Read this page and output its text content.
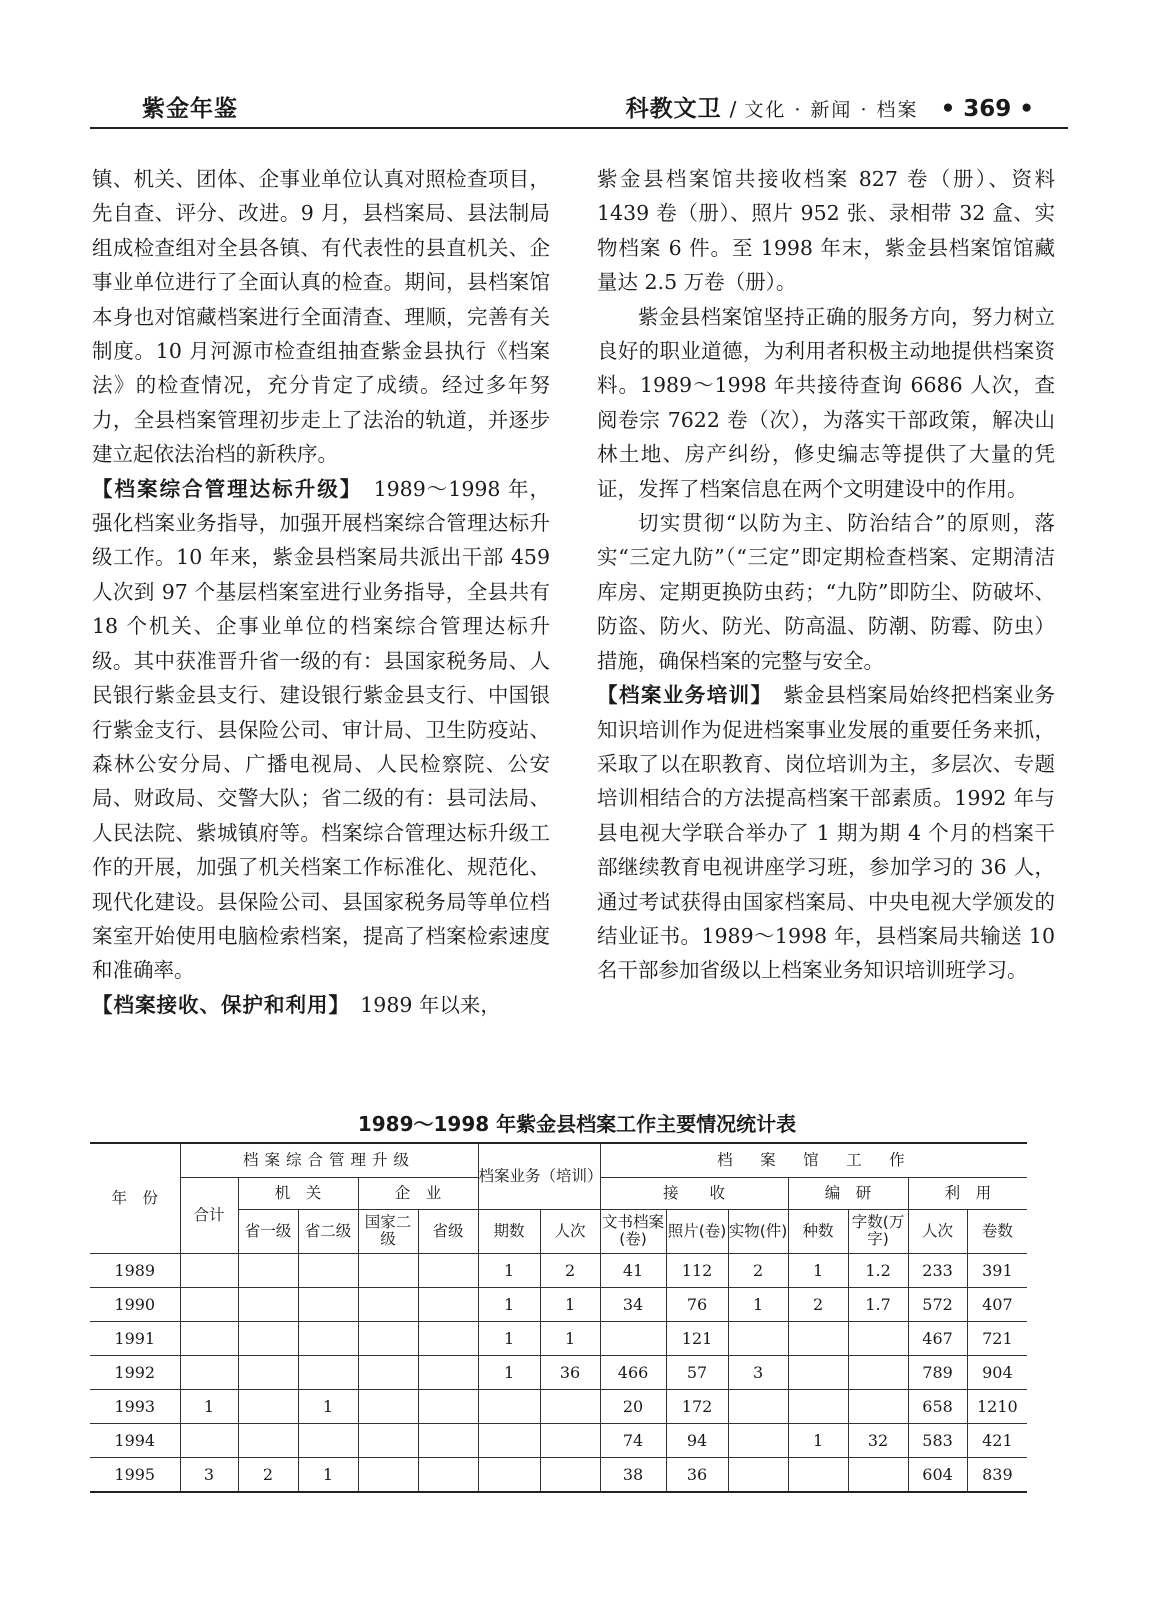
紫金年鉴	科教文卫 / 文化 · 新闻 · 档案 • 369 •

镇、机关、团体、企事业单位认真对照检查项目，先自查、评分、改进。9 月，县档案局、县法制局组成检查组对全县各镇、有代表性的县直机关、企事业单位进行了全面认真的检查。期间，县档案馆本身也对馆藏档案进行全面清查、理顺，完善有关制度。10 月河源市检查组抽查紫金县执行《档案法》的检查情况，充分肯定了成绩。经过多年努力，全县档案管理初步走上了法治的轨道，并逐步建立起依法治档的新秩序。

【档案综合管理达标升级】　 1989～1998 年，强化档案业务指导，加强开展档案综合管理达标升级工作。10 年来，紫金县档案局共派出干部 459 人次到 97 个基层档案室进行业务指导，全县共有 18 个机关、企事业单位的档案综合管理达标升级。其中获准晋升省一级的有：县国家税务局、人民银行紫金县支行、建设银行紫金县支行、中国银行紫金支行、县保险公司、审计局、卫生防疫站、森林公安分局、广播电视局、人民检察院、公安局、财政局、交警大队；省二级的有：县司法局、人民法院、紫城镇府等。档案综合管理达标升级工作的开展，加强了机关档案工作标准化、规范化、现代化建设。县保险公司、县国家税务局等单位档案室开始使用电脑检索档案，提高了档案检索速度和准确率。

【档案接收、保护和利用】　 1989 年以来，

紫金县档案馆共接收档案 827 卷（册）、资料 1439 卷（册）、照片 952 张、录相带 32 盒、实物档案 6 件。至 1998 年末，紫金县档案馆馆藏量达 2.5 万卷（册）。

紫金县档案馆坚持正确的服务方向，努力树立良好的职业道德，为利用者积极主动地提供档案资料。1989～1998 年共接待查询 6686 人次，查阅卷宗 7622 卷（次），为落实干部政策，解决山林土地、房产纠纷，修史编志等提供了大量的凭证，发挥了档案信息在两个文明建设中的作用。

切实贯彻“以防为主、防治结合”的原则，落实“三定九防”（“三定”即定期检查档案、定期清洁库房、定期更换防虫药；“九防”即防尘、防破坏、防盗、防火、防光、防高温、防潮、防霉、防虫）措施，确保档案的完整与安全。

【档案业务培训】　 紫金县档案局始终把档案业务知识培训作为促进档案事业发展的重要任务来抓，采取了以在职教育、岗位培训为主，多层次、专题培训相结合的方法提高档案干部素质。1992 年与县电视大学联合举办了 1 期为期 4 个月的档案干部继续教育电视讲座学习班，参加学习的 36 人，通过考试获得由国家档案局、中央电视大学颁发的结业证书。1989～1998 年，县档案局共输送 10 名干部参加省级以上档案业务知识培训班学习。

1989～1998 年紫金县档案工作主要情况统计表
年　份	档案综合管理升级					档案业务（培训）		档　案　馆　工　作						
	合计	机　关		企　业				接　　收			编　研		利　用	
		省一级	省二级	国家二级	省级	期数	人次	文书档案(卷)	照片(卷)	实物(件)	种数	字数(万字)	人次	卷数
1989						1	2	41	112	2	1	1.2	233	391
1990						1	1	34	76	1	2	1.7	572	407
1991						1	1		121				467	721
1992						1	36	466	57	3			789	904
1993	1		1					20	172				658	1210
1994								74	94		1	32	583	421
1995	3	2	1					38	36				604	839
